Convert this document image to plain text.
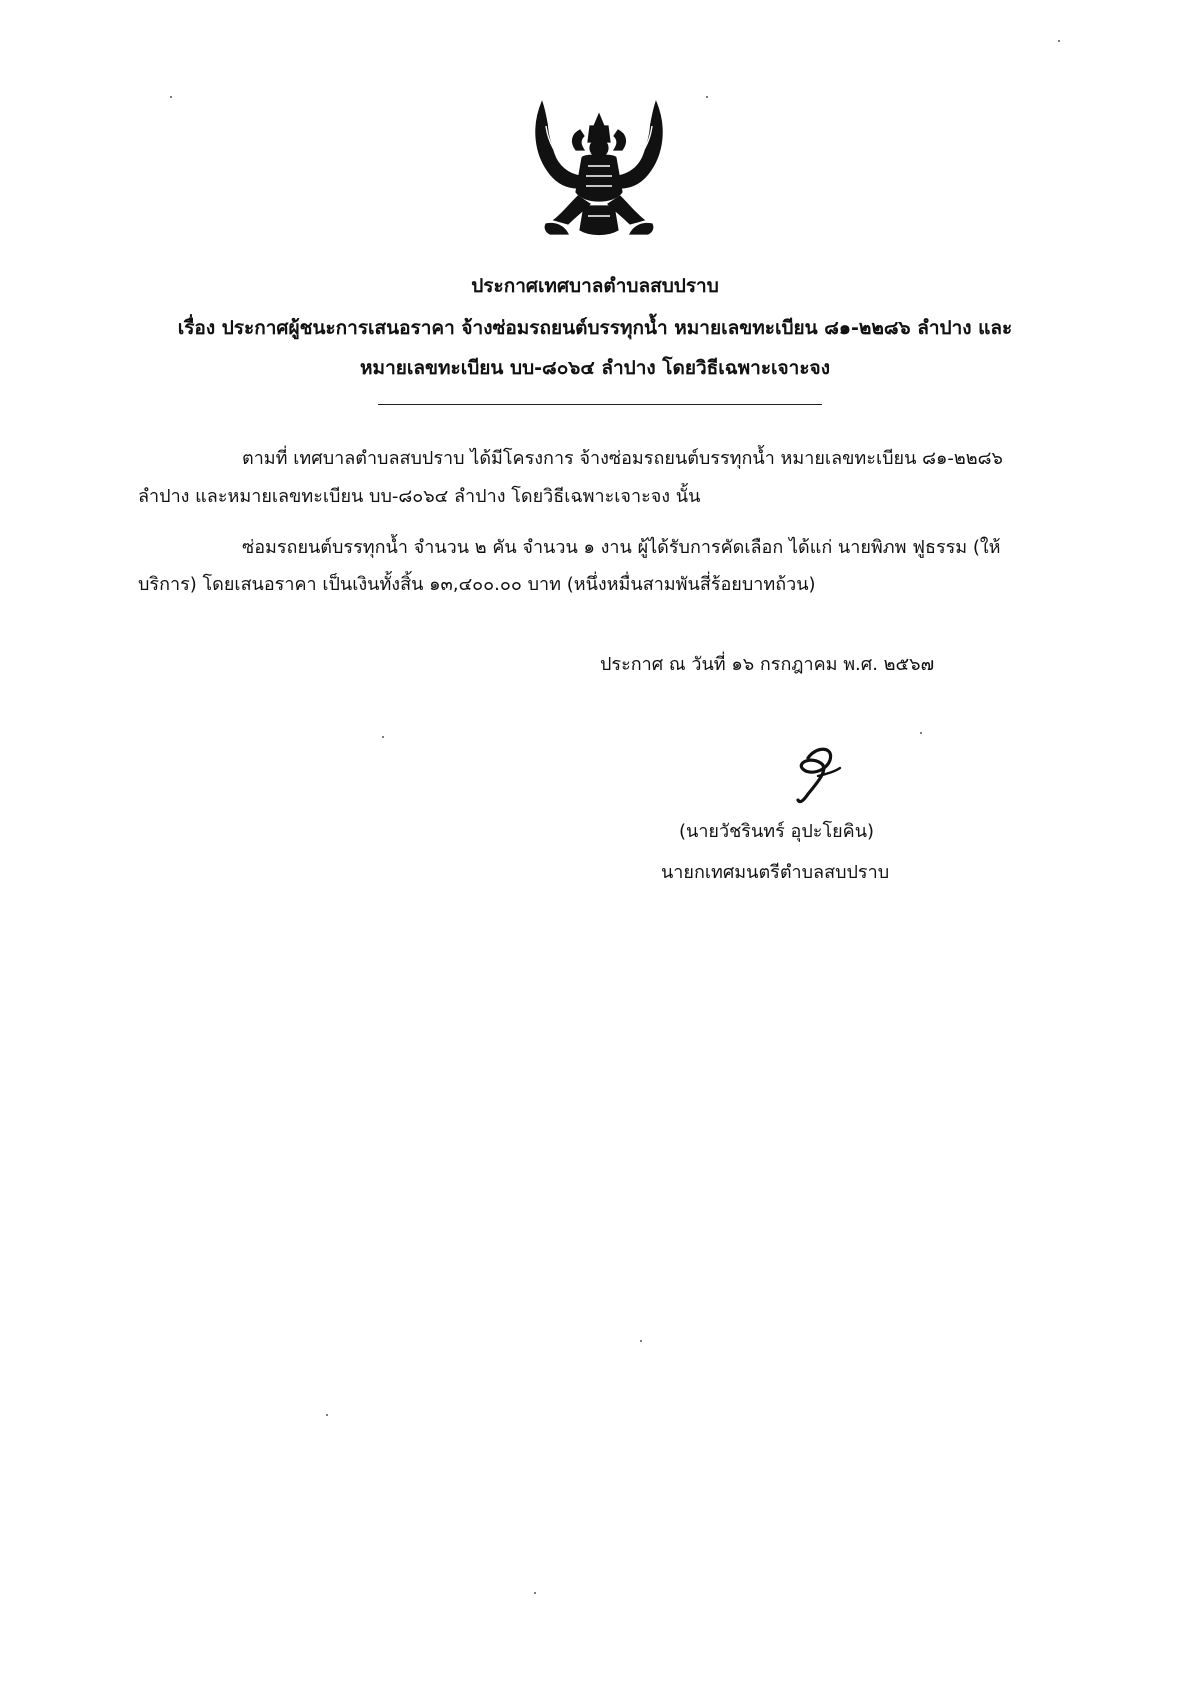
ประกาศเทศบาลตำบลสบปราบ
เรื่อง ประกาศผู้ชนะการเสนอราคา จ้างซ่อมรถยนต์บรรทุกน้ำ หมายเลขทะเบียน ๘๑-๒๒๘๖ ลำปาง และ
หมายเลขทะเบียน บบ-๘๐๖๔ ลำปาง โดยวิธีเฉพาะเจาะจง
ตามที่ เทศบาลตำบลสบปราบ ได้มีโครงการ จ้างซ่อมรถยนต์บรรทุกน้ำ หมายเลขทะเบียน ๘๑-๒๒๘๖
ลำปาง และหมายเลขทะเบียน บบ-๘๐๖๔ ลำปาง โดยวิธีเฉพาะเจาะจง นั้น
ซ่อมรถยนต์บรรทุกน้ำ จำนวน ๒ คัน จำนวน ๑ งาน ผู้ได้รับการคัดเลือก ได้แก่ นายพิภพ ฟูธรรม (ให้
บริการ) โดยเสนอราคา เป็นเงินทั้งสิ้น ๑๓,๔๐๐.๐๐ บาท (หนึ่งหมื่นสามพันสี่ร้อยบาทถ้วน)
ประกาศ ณ วันที่ ๑๖ กรกฎาคม พ.ศ. ๒๕๖๗
(นายวัชรินทร์ อุปะโยคิน)
นายกเทศมนตรีตำบลสบปราบ
